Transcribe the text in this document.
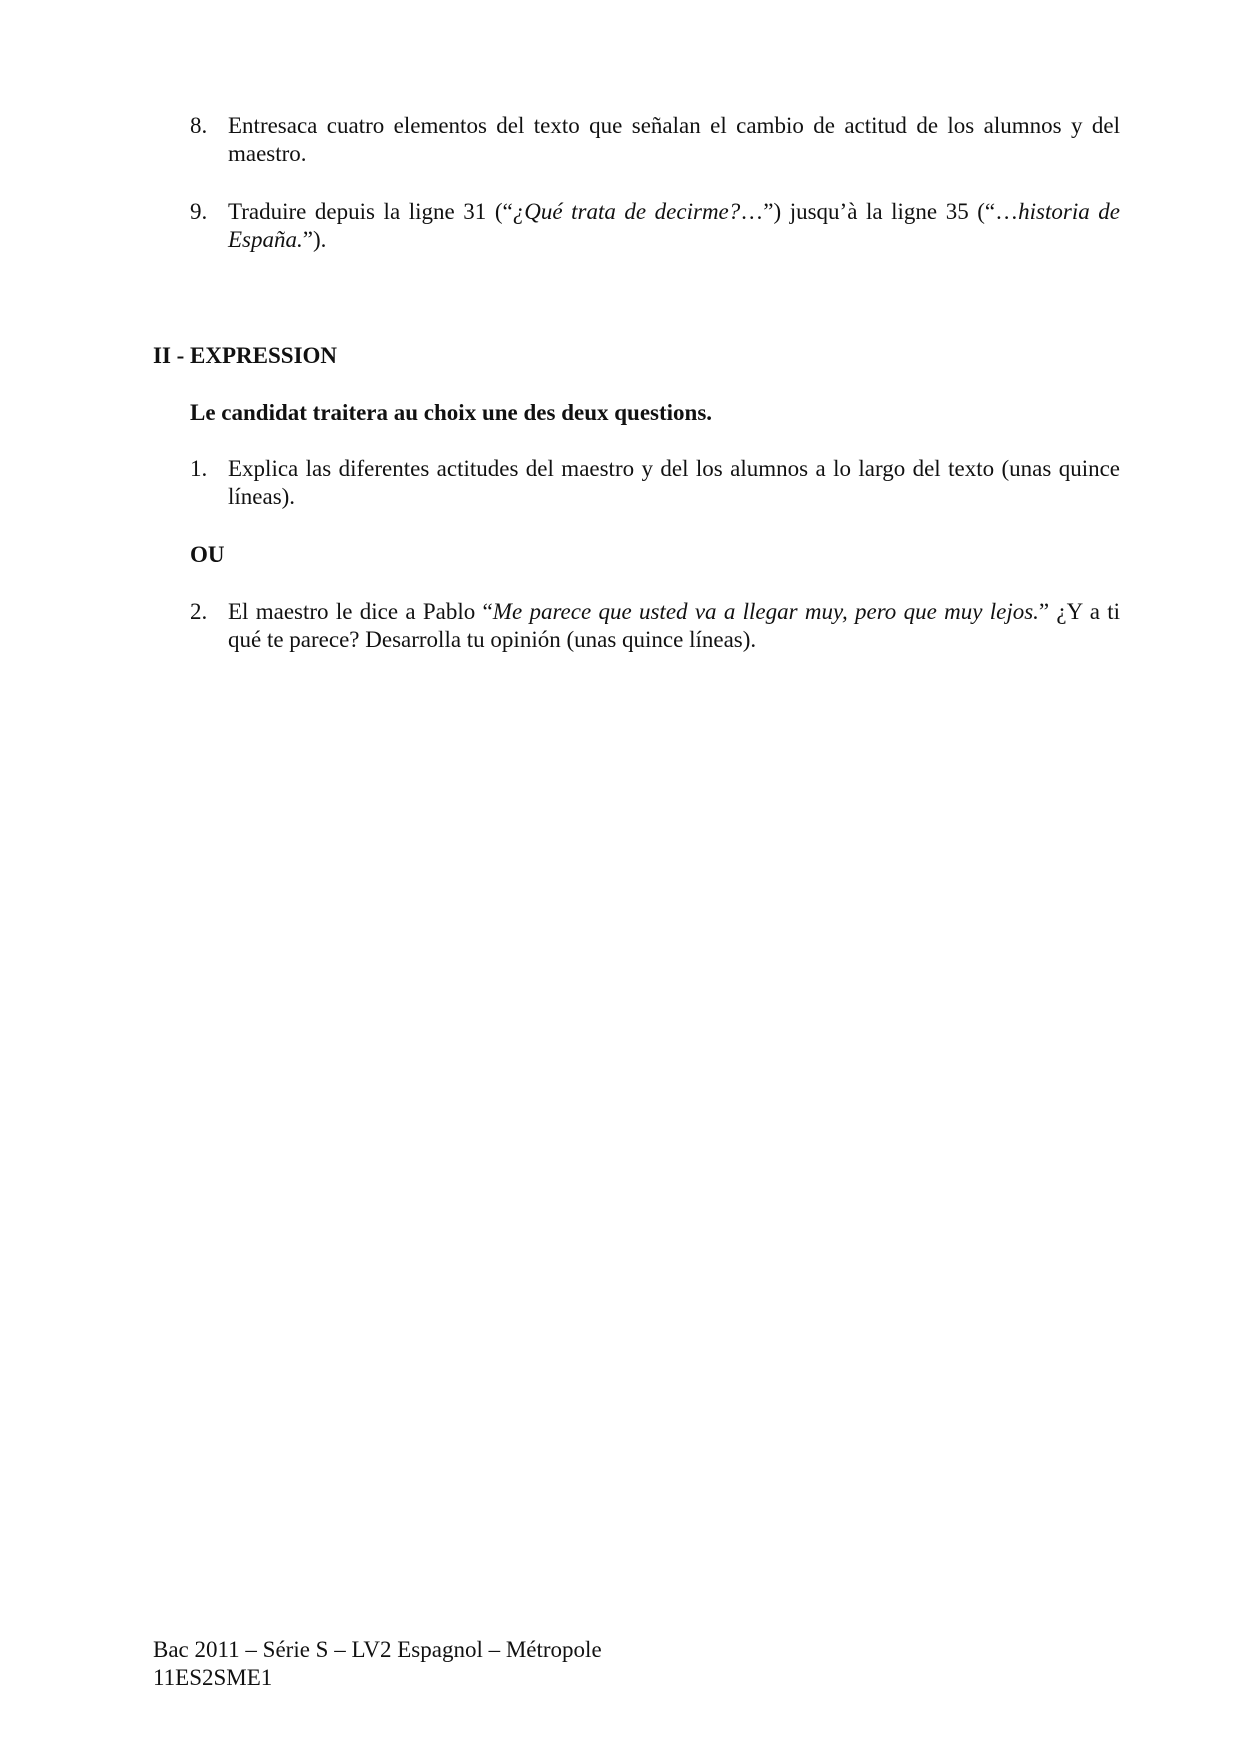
8. Entresaca cuatro elementos del texto que señalan el cambio de actitud de los alumnos y del maestro.
9. Traduire depuis la ligne 31 (“¿Qué trata de decirme?…”) jusqu’à la ligne 35 (“…historia de España.”).
II - EXPRESSION
Le candidat traitera au choix une des deux questions.
1. Explica las diferentes actitudes del maestro y del los alumnos a lo largo del texto (unas quince líneas).
OU
2. El maestro le dice a Pablo “Me parece que usted va a llegar muy, pero que muy lejos.” ¿Y a ti qué te parece? Desarrolla tu opinión (unas quince líneas).
Bac 2011 – Série S – LV2 Espagnol – Métropole
11ES2SME1
